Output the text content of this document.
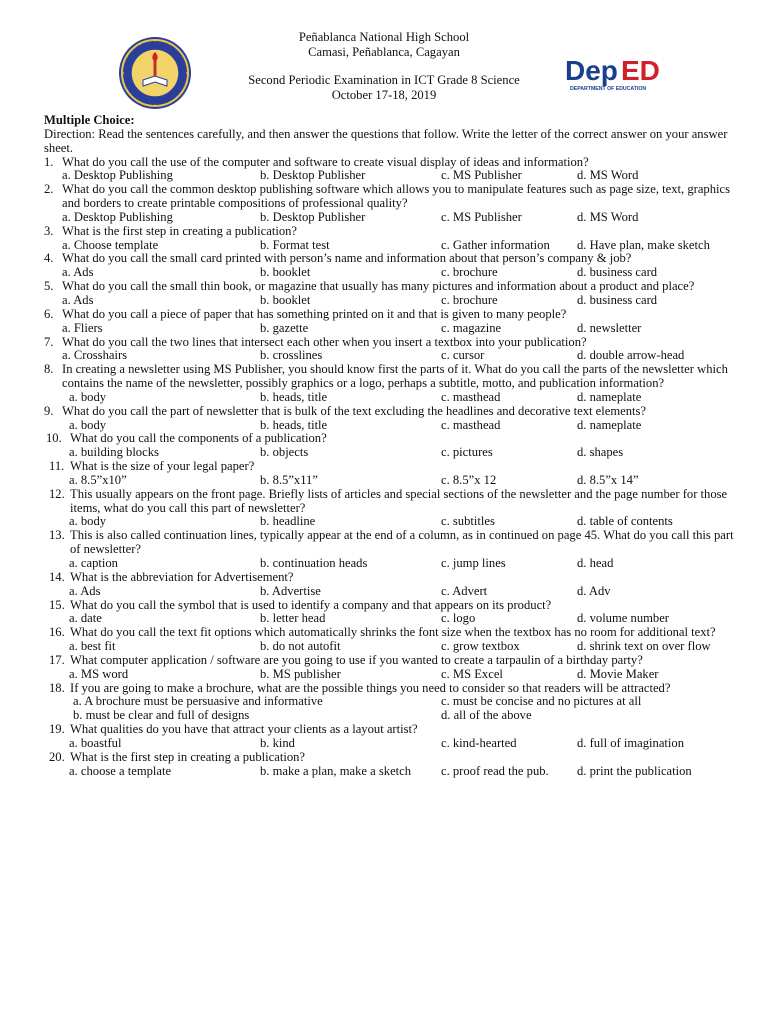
Peñablanca National High School
Camasi, Peñablanca, Cagayan
Second Periodic Examination in ICT Grade 8 Science
October 17-18, 2019
Dep ED
DEPARTMENT OF EDUCATION
Multiple Choice:
Direction: Read the sentences carefully, and then answer the questions that follow. Write the letter of the correct answer on your answer sheet.
1. What do you call the use of the computer and software to create visual display of ideas and information?
a. Desktop Publishing	b. Desktop Publisher	c. MS Publisher	d. MS Word
2. What do you call the common desktop publishing software which allows you to manipulate features such as page size, text, graphics and borders to create printable compositions of professional quality?
a. Desktop Publishing	b. Desktop Publisher	c. MS Publisher	d. MS Word
3. What is the first step in creating a publication?
a. Choose template	b. Format test	c. Gather information d. Have plan, make sketch
4. What do you call the small card printed with person’s name and information about that person’s company & job?
a. Ads	b. booklet	c. brochure	d. business card
5. What do you call the small thin book, or magazine that usually has many pictures and information about a product and place?
a. Ads	b. booklet	c. brochure	d. business card
6. What do you call a piece of paper that has something printed on it and that is given to many people?
a. Fliers	b. gazette	c. magazine	d. newsletter
7. What do you call the two lines that intersect each other when you insert a textbox into your publication?
a. Crosshairs	b. crosslines	c. cursor	d. double arrow-head
8. In creating a newsletter using MS Publisher, you should know first the parts of it. What do you call the parts of the newsletter which contains the name of the newsletter, possibly graphics or a logo, perhaps a subtitle, motto, and publication information?
a. body	b. heads, title	c. masthead	d. nameplate
9. What do you call the part of newsletter that is bulk of the text excluding the headlines and decorative text elements?
a. body	b. heads, title	c. masthead	d. nameplate
10. What do you call the components of a publication?
a. building blocks	b. objects	c. pictures	d. shapes
11. What is the size of your legal paper?
a. 8.5”x10”	b. 8.5”x11”	c. 8.5”x 12	d. 8.5”x 14”
12. This usually appears on the front page. Briefly lists of articles and special sections of the newsletter and the page number for those items, what do you call this part of newsletter?
a. body	b. headline	c. subtitles	d. table of contents
13. This is also called continuation lines, typically appear at the end of a column, as in continued on page 45. What do you call this part of newsletter?
a. caption	b. continuation heads	c. jump lines	d. head
14. What is the abbreviation for Advertisement?
a. Ads	b. Advertise	c. Advert	d. Adv
15. What do you call the symbol that is used to identify a company and that appears on its product?
a. date	b. letter head	c. logo	d. volume number
16. What do you call the text fit options which automatically shrinks the font size when the textbox has no room for additional text?
a. best fit	b. do not autofit	c. grow textbox	d. shrink text on over flow
17. What computer application / software are you going to use if you wanted to create a tarpaulin of a birthday party?
a. MS word	b. MS publisher	c. MS Excel	d. Movie Maker
18. If you are going to make a brochure, what are the possible things you need to consider so that readers will be attracted?
a. A brochure must be persuasive and informative	c. must be concise and no pictures at all
b. must be clear and full of designs	d. all of the above
19. What qualities do you have that attract your clients as a layout artist?
a. boastful	b. kind	c. kind-hearted	d. full of imagination
20. What is the first step in creating a publication?
a. choose a template	b. make a plan, make a sketch c. proof read the pub. d. print the publication
